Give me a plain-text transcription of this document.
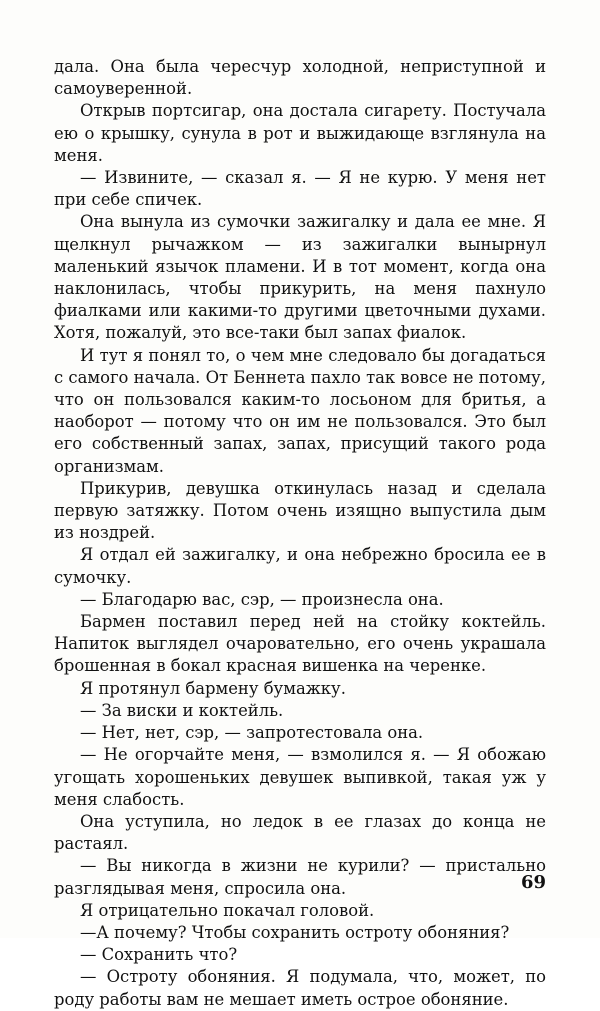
дала. Она была чересчур холодной, неприступной и самоуверенной.

Открыв портсигар, она достала сигарету. Постучала ею о крышку, сунула в рот и выжидающе взглянула на меня.

— Извините, — сказал я. — Я не курю. У меня нет при себе спичек.

Она вынула из сумочки зажигалку и дала ее мне. Я щелкнул рычажком — из зажигалки вынырнул маленький язычок пламени. И в тот момент, когда она наклонилась, чтобы прикурить, на меня пахнуло фиалками или какими-то другими цветочными духами. Хотя, пожалуй, это все-таки был запах фиалок.

И тут я понял то, о чем мне следовало бы догадаться с самого начала. От Беннета пахло так вовсе не потому, что он пользовался каким-то лосьоном для бритья, а наоборот — потому что он им не пользовался. Это был его собственный запах, запах, присущий такого рода организмам.

Прикурив, девушка откинулась назад и сделала первую затяжку. Потом очень изящно выпустила дым из ноздрей.

Я отдал ей зажигалку, и она небрежно бросила ее в сумочку.

— Благодарю вас, сэр, — произнесла она.

Бармен поставил перед ней на стойку коктейль. Напиток выглядел очаровательно, его очень украшала брошенная в бокал красная вишенка на черенке.

Я протянул бармену бумажку.

— За виски и коктейль.

— Нет, нет, сэр, — запротестовала она.

— Не огорчайте меня, — взмолился я. — Я обожаю угощать хорошеньких девушек выпивкой, такая уж у меня слабость.

Она уступила, но ледок в ее глазах до конца не растаял.

— Вы никогда в жизни не курили? — пристально разглядывая меня, спросила она.

Я отрицательно покачал головой.

—А почему? Чтобы сохранить остроту обоняния?

— Сохранить что?

— Остроту обоняния. Я подумала, что, может, по роду работы вам не мешает иметь острое обоняние.

69
